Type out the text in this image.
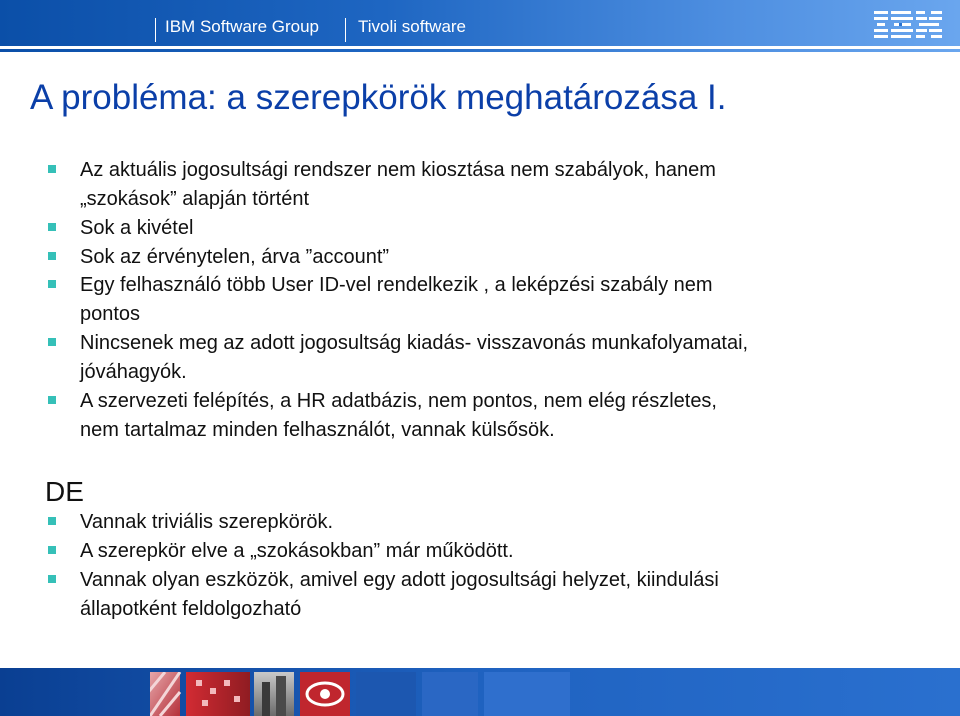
IBM Software Group Tivoli software
A probléma: a szerepkörök meghatározása I.
Az aktuális jogosultsági rendszer nem kiosztása nem szabályok, hanem
„szokások” alapján történt
Sok a kivétel
Sok az érvénytelen, árva ”account”
Egy felhasználó több User ID-vel rendelkezik , a leképzési szabály nem
pontos
Nincsenek meg az adott jogosultság kiadás- visszavonás munkafolyamatai,
jóváhagyók.
A szervezeti felépítés, a HR adatbázis, nem pontos, nem elég részletes,
nem tartalmaz minden felhasználót, vannak külsősök.
DE
Vannak triviális szerepkörök.
A szerepkör elve a „szokásokban” már működött.
Vannak olyan eszközök, amivel egy adott jogosultsági helyzet, kiindulási
állapotként feldolgozható
